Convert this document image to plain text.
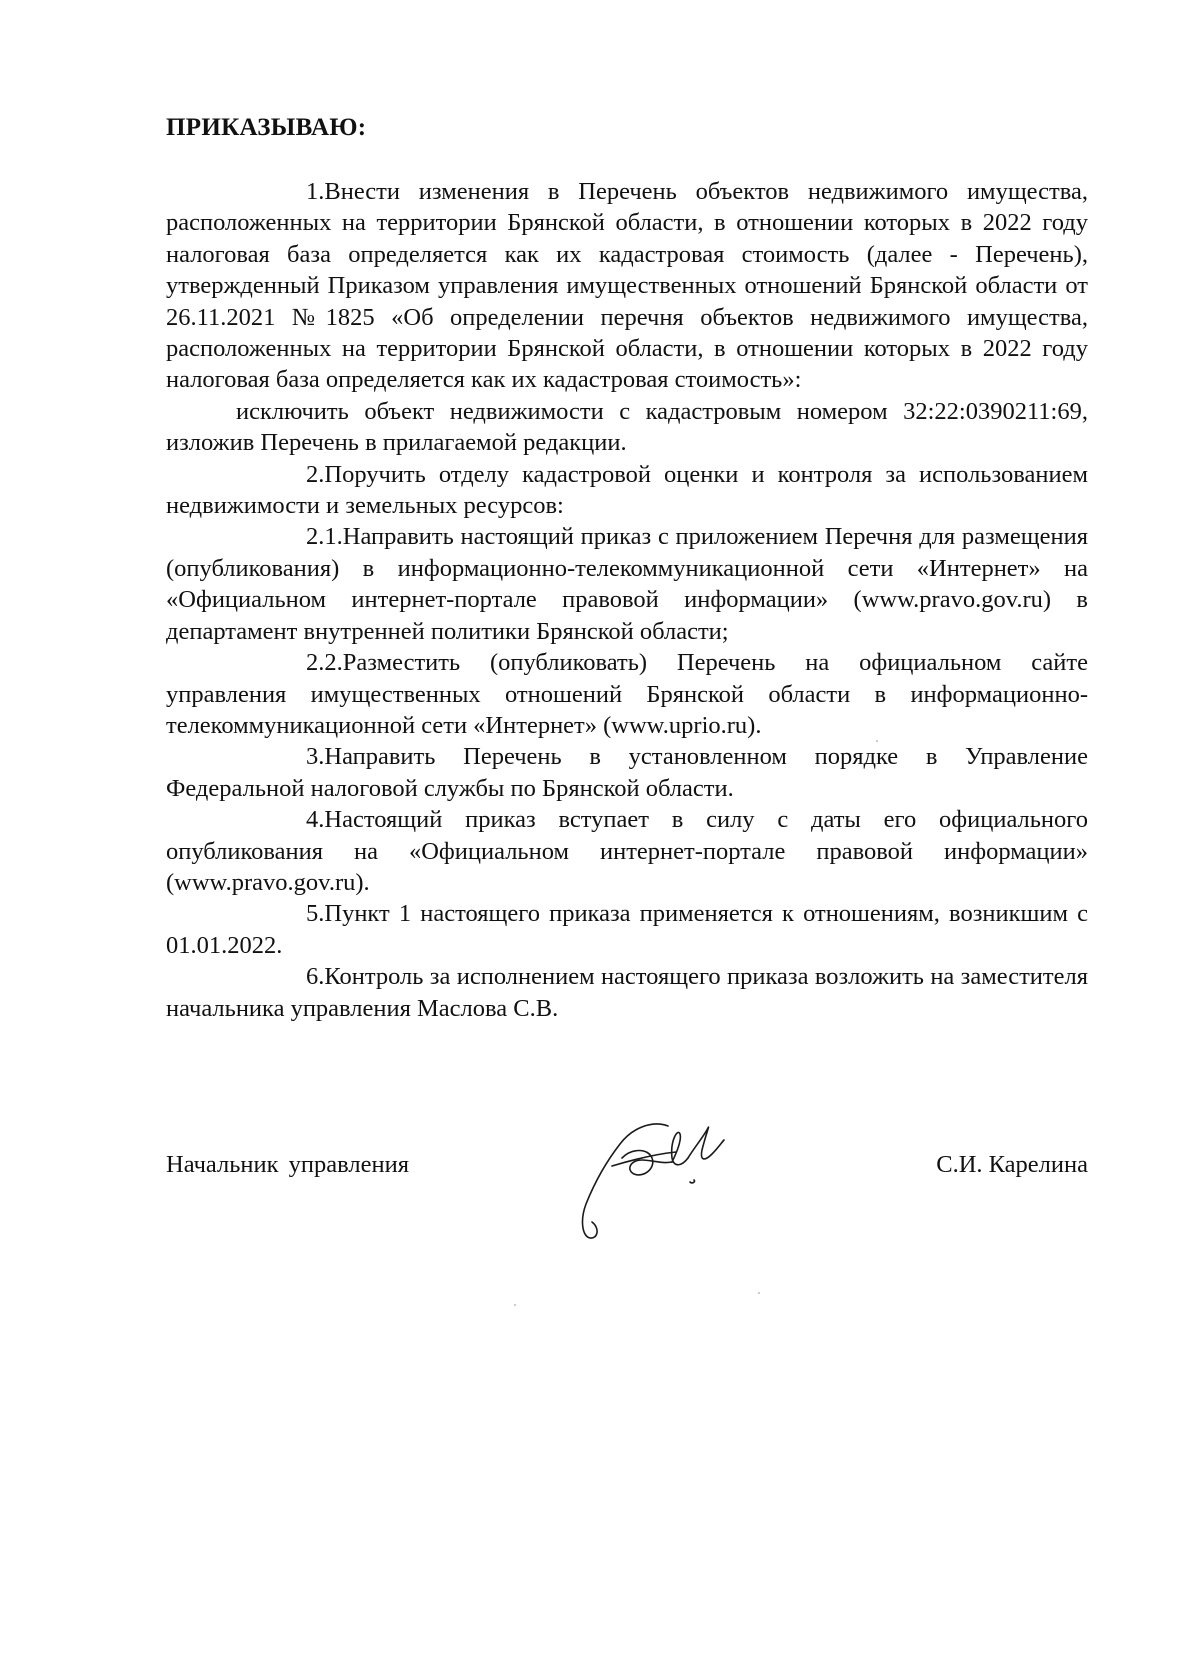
ПРИКАЗЫВАЮ:

1.Внести изменения в Перечень объектов недвижимого имущества, расположенных на территории Брянской области, в отношении которых в 2022 году налоговая база определяется как их кадастровая стоимость (далее - Перечень), утвержденный Приказом управления имущественных отношений Брянской области от 26.11.2021 №1825 «Об определении перечня объектов недвижимого имущества, расположенных на территории Брянской области, в отношении которых в 2022 году налоговая база определяется как их кадастровая стоимость»:

исключить объект недвижимости с кадастровым номером 32:22:0390211:69, изложив Перечень в прилагаемой редакции.

2.Поручить отделу кадастровой оценки и контроля за использованием недвижимости и земельных ресурсов:

2.1.Направить настоящий приказ с приложением Перечня для размещения (опубликования) в информационно-телекоммуникационной сети «Интернет» на «Официальном интернет-портале правовой информации» (www.pravo.gov.ru) в департамент внутренней политики Брянской области;

2.2.Разместить (опубликовать) Перечень на официальном сайте управления имущественных отношений Брянской области в информационно-телекоммуникационной сети «Интернет» (www.uprio.ru).

3.Направить Перечень в установленном порядке в Управление Федеральной налоговой службы по Брянской области.

4.Настоящий приказ вступает в силу с даты его официального опубликования на «Официальном интернет-портале правовой информации» (www.pravo.gov.ru).

5.Пункт 1 настоящего приказа применяется к отношениям, возникшим с 01.01.2022.

6.Контроль за исполнением настоящего приказа возложить на заместителя начальника управления Маслова С.В.

Начальник управления	С.И. Карелина
